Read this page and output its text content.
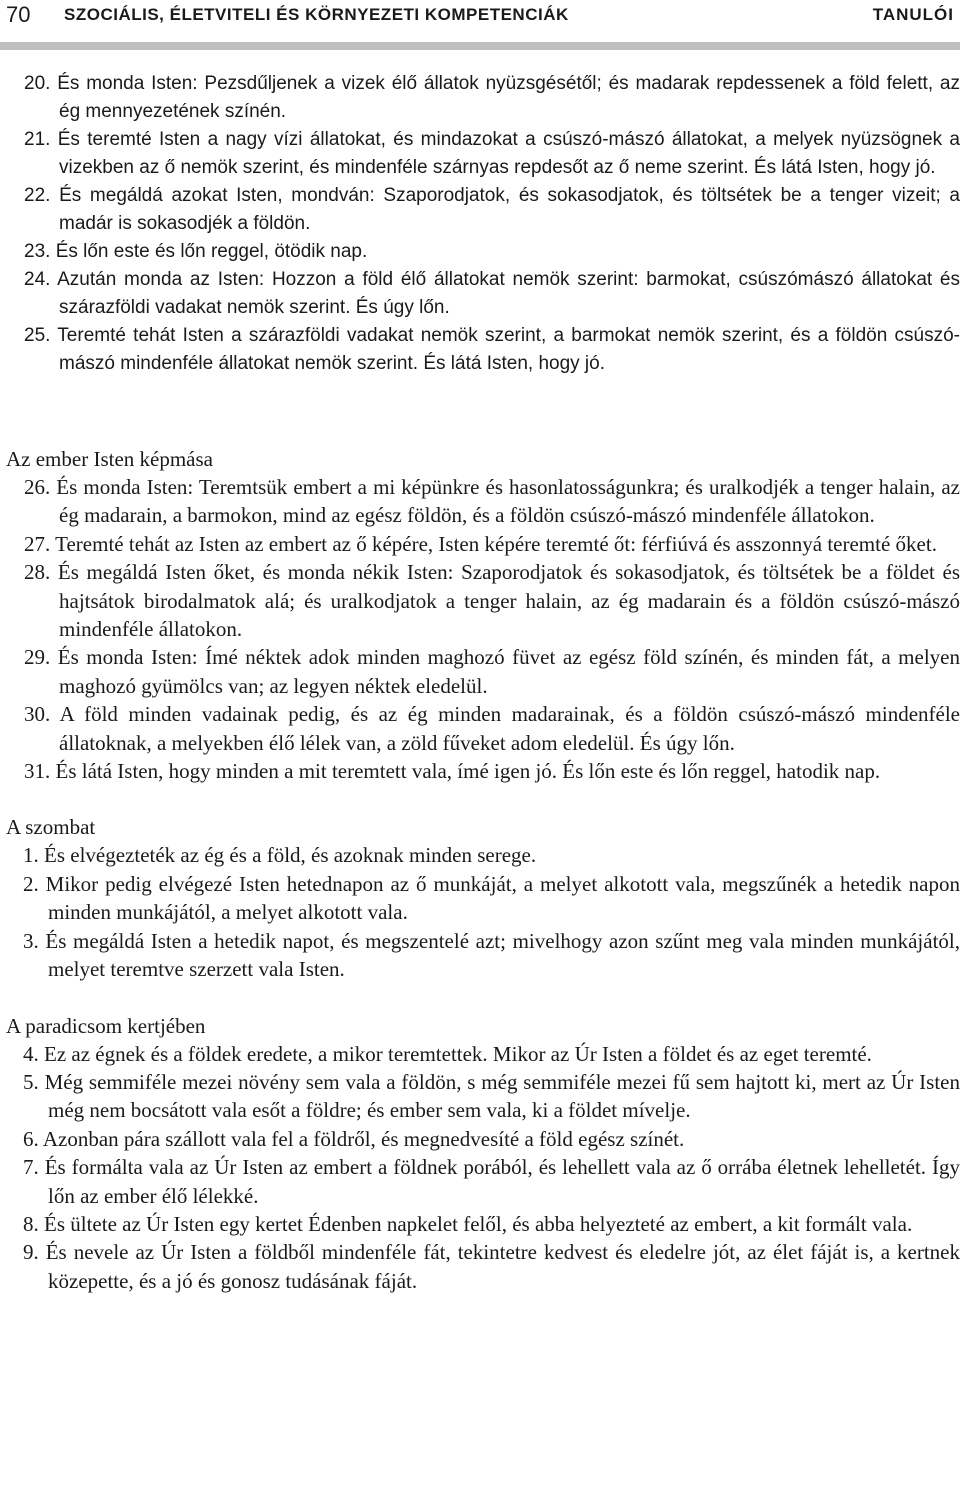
70 SZOCIÁLIS, ÉLETVITELI ÉS KÖRNYEZETI KOMPETENCIÁK	TANULÓI

20. És monda Isten: Pezsdűljenek a vizek élő állatok nyüzsgésétől; és madarak repdessenek a föld felett, az ég mennyezetének színén.

21. És teremté Isten a nagy vízi állatokat, és mindazokat a csúszó-mászó állatokat, a melyek nyüzsögnek a vizekben az ő nemök szerint, és mindenféle szárnyas repdesőt az ő neme szerint. És látá Isten, hogy jó.

22. És megáldá azokat Isten, mondván: Szaporodjatok, és sokasodjatok, és töltsétek be a tenger vizeit; a madár is sokasodjék a földön.

23. És lőn este és lőn reggel, ötödik nap.

24. Azután monda az Isten: Hozzon a föld élő állatokat nemök szerint: barmokat, csúszómászó állatokat és szárazföldi vadakat nemök szerint. És úgy lőn.

25. Teremté tehát Isten a szárazföldi vadakat nemök szerint, a barmokat nemök szerint, és a földön csúszó-mászó mindenféle állatokat nemök szerint. És látá Isten, hogy jó.

Az ember Isten képmása

26. És monda Isten: Teremtsük embert a mi képünkre és hasonlatosságunkra; és uralkodjék a tenger halain, az ég madarain, a barmokon, mind az egész földön, és a földön csúszó-mászó mindenféle állatokon.

27. Teremté tehát az Isten az embert az ő képére, Isten képére teremté őt: férfiúvá és asszonnyá teremté őket.

28. És megáldá Isten őket, és monda nékik Isten: Szaporodjatok és sokasodjatok, és töltsétek be a földet és hajtsátok birodalmatok alá; és uralkodjatok a tenger halain, az ég madarain és a földön csúszó-mászó mindenféle állatokon.

29. És monda Isten: Ímé néktek adok minden maghozó füvet az egész föld színén, és minden fát, a melyen maghozó gyümölcs van; az legyen néktek eledelül.

30. A föld minden vadainak pedig, és az ég minden madarainak, és a földön csúszó-mászó mindenféle állatoknak, a melyekben élő lélek van, a zöld fűveket adom eledelül. És úgy lőn.

31. És látá Isten, hogy minden a mit teremtett vala, ímé igen jó. És lőn este és lőn reggel, hatodik nap.

A szombat

1. És elvégezteték az ég és a föld, és azoknak minden serege.

2. Mikor pedig elvégezé Isten hetednapon az ő munkáját, a melyet alkotott vala, megszűnék a hetedik napon minden munkájától, a melyet alkotott vala.

3. És megáldá Isten a hetedik napot, és megszentelé azt; mivelhogy azon szűnt meg vala minden munkájától, melyet teremtve szerzett vala Isten.

A paradicsom kertjében

4. Ez az égnek és a földek eredete, a mikor teremtettek. Mikor az Úr Isten a földet és az eget teremté.

5. Még semmiféle mezei növény sem vala a földön, s még semmiféle mezei fű sem hajtott ki, mert az Úr Isten még nem bocsátott vala esőt a földre; és ember sem vala, ki a földet mívelje.

6. Azonban pára szállott vala fel a földről, és megnedvesíté a föld egész színét.

7. És formálta vala az Úr Isten az embert a földnek porából, és lehellett vala az ő orrába életnek lehelletét. Így lőn az ember élő lélekké.

8. És ültete az Úr Isten egy kertet Édenben napkelet felől, és abba helyezteté az embert, a kit formált vala.

9. És nevele az Úr Isten a földből mindenféle fát, tekintetre kedvest és eledelre jót, az élet fáját is, a kertnek közepette, és a jó és gonosz tudásának fáját.
